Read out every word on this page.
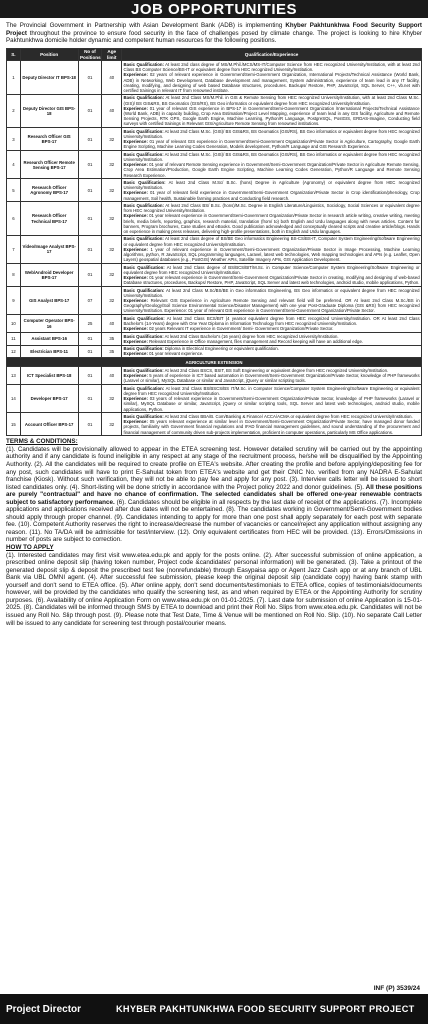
JOB OPPORTUNITIES
The Provincial Government in Partnership with Asian Development Bank (ADB) is implementing Khyber Pakhtunkhwa Food Security Support Project throughout the province to ensure food security in the face of challenges posed by climate change. The project is looking to hire Khyber Pakhtunkhwa domicile holder dynamic and competent human resources for the following positions.
S.	Position	No of Positions	Age limit	Qualification/Experience
1	Deputy Director IT BPS-18	01	40	Basic Qualification: At least 2nd class degree of MS/M.Phil./MCS/MS-IT/Computer Science from HEC recognized University/Institution, with at least 2nd Class BS Computer Science/BS-IT or equivalent degree from HEC recognized University/Institution.
Experience: 02 years of relevant experience in Government/Semi-Government Organization, International Projects/Technical Assistance (World Bank, ADB) in Networking, Web Development, Database development and management, System administration, experience of team lead in any IT facility, creating, modifying, and designing of web based Database structures, procedures. Backups/ Restore, PHP, JavaScript, SQL Server, C++, vb.net with certified trainings in relevant IT from renowned institute.
2	Deputy Director GIS BPS-18	01	40	Basic Qualification: At least 2nd Class MS/M.Phil. in GIS & Remote Sensing from HEC recognized University/Institution, with at least 2nd Class M.Sc. (GIS)/ BS GIS&RS, BS Geomatics (GIS/RS), BS Geo informatics or equivalent degree from HEC recognized University/Institution.
Experience: 01 year of relevant GIS experience in BPS-17 in Government/Semi-Government Organization /International Projects/Technical Assistance (World Bank, ADB) in capacity building, Crop Area Estimation/Project Level Mapping, experience of team lead in any GIS facility, Agriculture and Remote Sensing Projects, RTK GPS, Google Earth Engine, Machine Learning, Python/R Language, PostgreSQL, PostGIS, ERDAS-Imagine, Conducting field surveys with certified trainings in Relevant GIS/Agriculture Remote Sensing from renowned institutions.
3	Research Officer GIS BPS-17	01	32	Basic Qualification: At least 2nd Class M.Sc. (GIS)/ BS GIS&RS, BS Geomatics (GIS/RS), BS Geo informatics or equivalent degree from HEC recognized University/Institution.
Experience: 01 year of relevant GIS experience in Government/Semi-Government Organization/Private Sector in Agriculture, Cartography, Google Earth Engine Scripting, Machine Learning Codes Generation, Models development, Python/R Language and GIS Research Experience.
4	Research Officer Remote Sensing BPS-17	01	32	Basic Qualification: At least 2nd Class M.Sc. (GIS)/ BS GIS&RS, BS Geomatics (GIS/RS), BS Geo informatics or equivalent degree from HEC recognized University/Institution.
Experience: 01 year of relevant Remote Sensing experience in Government/Semi-Government Organization/Private Sector in Agriculture Remote Sensing, Crop Area Estimation/Production, Google Earth Engine Scripting, Machine Learning Codes Generation, Python/R Language and Remote Sensing Research Experience.
5	Research Officer Agronomy BPS-17	01	32	Basic Qualification: At least 2nd Class M.Sc/ B.Sc. (hons) Degree in Agriculture (Agronomy) or equivalent degree from HEC recognized University/Institution.
Experience: 01 year of relevant field experience in Government/Semi-Government Organization/Private Sector in Crop identification/phenology, Crop management, Soil health, Sustainable farming practices and Conducting field research.
6	Research Officer Technical BPS-17	01	32	Basic Qualification: At least 2nd Class BS/ B.Sc. (hons)/M.Sc. Degree in English Literature/Linguistics, Sociology, Social Sciences or equivalent degree from HEC recognized University/Institution.
Experience: 01 year relevant experience in Government/Semi-Government Organization/Private Sector in research article writing, creative writing, meeting briefs, media briefs, reporting, graphics, research material, translation (from/ to) both English and Urdu languages along with news articles. Content for banners, Program brochures, Case studies and eBooks. Good publication acknowledged and conceptually cleared scripts and creative article/blogs. Hands on experience in making press releases, delivering high-profile presentations, both in English and Urdu languages.
7	Video/Image Analyst BPS-17	01	32	Basic Qualification: At least 2nd class degree of BS/BE Geo informatics Engineering BS-CS/BS-IT, Computer System Engineering/Software Engineering or equivalent degree from HEC recognized University/Institution.
Experience: 1 year of relevant experience in Government/Semi-Government Organization/Private Sector in Image Processing, Machine Learning algorithms, python, R JavaScript, SQL programming languages, Laravel, latest web technologies, Web mapping technologies and APIs (e.g. Leaflet, Open Layers) geospatial databases (e.g., PostGIS) Weather APIs, Satellite Imagery APIs, GIS Application Development.
8	Web/Android Developer BPS-17	01	32	Basic Qualification: At least 2nd Class degree of BS/BCS/BIT/M.Sc. in Computer Science/Computer System Engineering/Software Engineering or equivalent degree from HEC recognized University/Institution.
Experience: 01 year relevant experience in Government/Semi-Government Organization/Private Sector in creating, modifying and designing of web-based Database structures, procedures, Backups/ Restore, PHP, JavaScript, SQL Server and latest web technologies, android studio, mobile applications, Python.
9	GIS Analyst BPS-17	07	32	Basic Qualification: At least 2nd Class M.Sc/BS/BE in Geo informatics Engineering, BS Geo informatics or equivalent degree from HEC recognized University/Institution.
Experience: Relevant GIS Experience in Agriculture Remote Sensing and relevant field will be preferred. OR At least 2nd Class M.Sc./BS in Geography/Geology/Soil Science Environmental Science/Disaster Management) with one year Post-Graduate Diploma (GIS &RS) from HEC recognized University/Institution. Experience: 01 year of relevant GIS experience in Government/Semi-Government Organization/Private Sector.
10	Computer Operator BPS-16	25	40	Basic Qualification: At least 2nd Class BCS/BIT (4 yearsor equivalent degree from HEC recognized University/Institution. OR At least 2nd Class Bachelor's (14-Years) degree with One Year Diploma in Information Technology from HEC recognized University/Institution.
Experience: 02 years Relevant IT experience in Government/ Semi- Government Organization/Private Sector.
11	Assistant BPS-16	01	35	Basic Qualification: At least 2nd Class Bachelor's (16 years) degree from HEC recognized University/Institution.
Experience: Relevant Experience in Office management, files management and Record keeping will have an additional edge.
12	Electrician BPS-11	01	35	Basic Qualification: Diploma in Electrical Engineering or equivalent qualification.
Experience: 01 year relevant experience.
AGRICULTURE EXTENSION				
13	ICT Specialist BPS-18	01	40	Basic Qualification: At least 2nd Class BSCS, BSIT, BS Soft Engineering or equivalent degree from HEC recognized University/Institution.
Experience: 5 years of experience in ICT based automation in Government/Semi-Government Organization/Private Sector, knowledge of PHP frameworks (Laravel or similar), MySQL Database or similar and JavaScript, jQuery or similar scripting tools.
14	Developer BPS-17	01	32	Basic Qualification: At least 2nd Class BS/BSCS/BS IT/M.Sc. in Computer Science/Computer System Engineering/Software Engineering or equivalent degree from HEC recognized University/Institution.
Experience: 03 years of relevant experience in Government/Semi-Government Organization/Private Sector, knowledge of PHP frameworks (Laravel or similar), MySQL Database or similar, JavaScript, jQuery or similar scripting tools, SQL Server and latest web technologies, android studio, mobile applications, Python.
15	Account Officer BPS-17	01	32	Basic Qualification: At least 2nd Class BBA/B. Com/Banking & Finance/ ACCA/ACMA or equivalent degree from HEC recognized University/Institution.
Experience: 05 years relevant experience at similar level in Government/Semi-Government Organization/Private Sector, have managed donor funded projects, familiarity with Government financial regulations and IFAD financial management guidelines, and sound understanding of the procurement and financial management of community driven sub-projects implementation, proficient in computer operations, particularly MS Office applications.
TERMS & CONDITIONS:
(1). Candidates will be provisionally allowed to appear in the ETEA screening test. However detailed scrutiny will be carried out by the appointing authority and if any candidate is found ineligible in any respect at any stage of the recruitment process, he/she will be disqualified by the Appointing Authority. (2). All the candidates will be required to create profile on ETEA's website. After creating the profile and before applying/depositing fee for any post, such candidates will have to print E-Sahulat token from ETEA's website and get their CNIC No. verified from any NADRA E-Sahulat franchise (Kiosk). Without such verification, they will not be able to pay fee and apply for any post. (3). Interview calls letter will be issued to short listed candidates only. (4). Short-listing will be done strictly in accordance with the Project policy 2022 and donor guidelines. (5). All these positions are purely "contractual" and have no chance of confirmation. The selected candidates shall be offered one-year renewable contracts subject to satisfactory performance. (6). Candidates should be eligible in all respects by the last date of receipt of the applications. (7). Incomplete applications and applications received after due dates will not be entertained. (8). The candidates working in Government/Semi-Government bodies should apply through proper channel. (9). Candidates intending to apply for more than one post shall apply separately for each post with separate fee. (10). Competent Authority reserves the right to increase/decrease the number of vacancies or cancel/reject any application without assigning any reason. (11). No TA/DA will be admissible for test/interview. (12). Only equivalent certificates from HEC will be provided. (13). Errors/Omissions in number of posts are subject to correction.
HOW TO APPLY
(1). Interested candidates may first visit www.etea.edu.pk and apply for the posts online. (2). After successful submission of online application, a prescribed online deposit slip (having token number, Project code &candidates' personal information) will be generated. (3). Take a printout of the generated deposit slip & deposit the prescribed test fee (nonrefundable) through Easypaisa app or Agent Jazz Cash app or at any branch of UBL Bank via UBL OMNI agent. (4). After successful fee submission, please keep the original deposit slip (candidate copy) having bank stamp with yourself and don't send to ETEA office. (5). After online apply, don't send documents/testimonials to ETEA office, copies of testimonials/documents however, will be provided by the candidates who qualify the screening test, as and when required by ETEA or the Appointing Authority for scrutiny purposes. (6). Availability of online Application Form on www.etea.edu.pk on 01-01-2025. (7). Last date for submission of online Application is 15-01-2025. (8). Candidates will be informed through SMS by ETEA to download and print their Roll No. Slips from www.etea.edu.pk. Candidates will not be issued any Roll No. Slip through post. (9). Please note that Test Date, Time & Venue will be mentioned on Roll No. Slip. (10). No separate Call Letter will be issued to any candidate for screening test through postal/courier means.
INF (P) 3539/24
Project Director	KHYBER PAKHTUNKHWA FOOD SECURITY SUPPORT PROJECT
